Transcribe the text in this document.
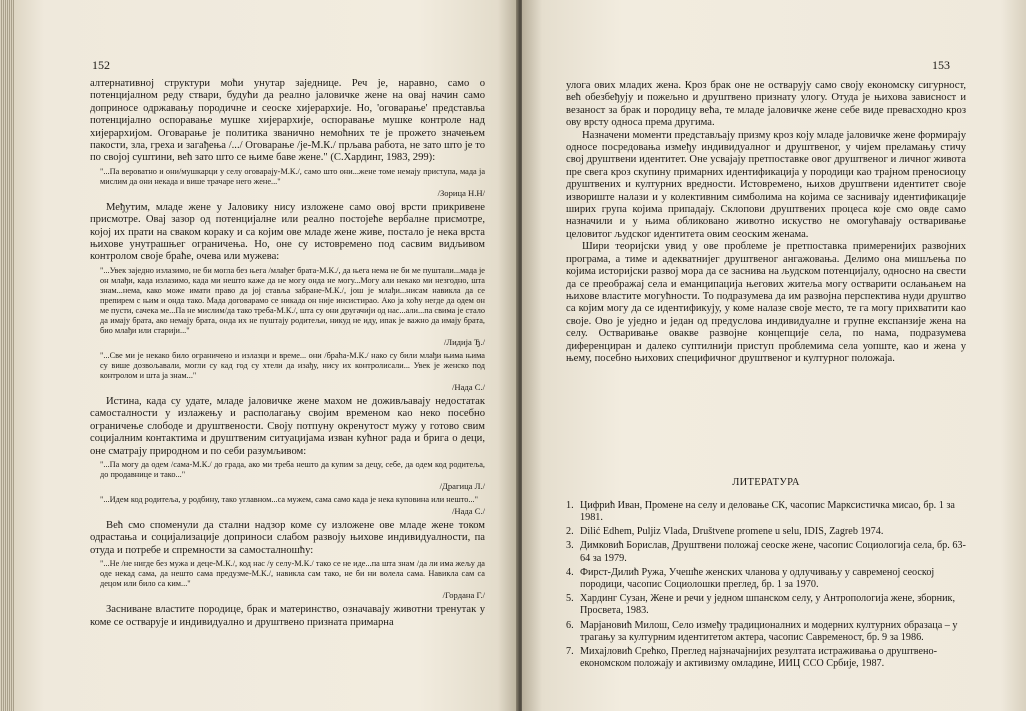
152

алтернативној структури моћи унутар заједнице. Реч је, наравно, само о потенцијалном реду ствари, будући да реално јаловичке жене на овај начин само доприносе одржавању породичне и сеоске хијерархије. Но, 'оговарање' представља потенцијално оспоравање мушке хијерархије, оспоравање мушке контроле над хијерархијом. Оговарање је политика званично немоћних те је прожето значењем пакости, зла, греха и загађења /.../ Оговарање /је-М.К./ прљава работа, не зато што је то по својој суштини, већ зато што се њиме баве жене." (С.Хардинг, 1983, 299):

"...Па вероватно и они/мушкарци у селу оговарају-М.К./, само што они...жене томе немају приступа, мада ја мислим да они некада и више трачаре него жене..."

/Зорица Н.Н/

Међутим, младе жене у Јаловику нису изложене само овој врсти прикривене присмотре. Овај зазор од потенцијалне или реално постојеће вербалне присмотре, којој их прати на сваком кораку и са којим ове младе жене живе, постало је нека врста њихове унутрашњег ограничења. Но, оне су истовремено под сасвим видљивом контролом своје браће, очева или мужева:

"...Увек заједно излазимо, не би могла без њега /млађег брата-М.К./, да њега нема не би ме пуштали...мада је он млађи, када излазимо, када ми нешто каже да не могу онда не могу...Могу али некако ми незгодно, шта знам...нема, како може имати право да јој ставља забране-М.К./, још је млађи...нисам навикла да се препирем с њим и онда тако. Мада договарамо се никада он није инсистирао. Ако ја хоћу негде да одем он ме пусти, сачека ме...Па не мислим/да тако треба-М.К./, шта су они другачији од нас...али...па свима је стало да имају брата, ако немају брата, онда их не пуштају родитељи, никуд не иду, ипак је важно да имају брата, био млађи или старији..."

/Лидија Ђ./

"...Све ми је некако било ограничено и излазци и време... они /браћа-М.К./ нако су били млађи њима њима су више дозвољавали, могли су кад год су хтели да изађу, нису их контролисали... Увек је женско под контролом и шта ја знам..."

/Нада С./

Истина, када су удате, младе јаловичке жене махом не доживљавају недостатак самосталности у излажењу и располагању својим временом као неко посебно ограничење слободе и друштвености. Своју потпуну окренутост мужу у готово свим социјалним контактима и друштвеним ситуацијама изван кућног рада и брига о деци, оне сматрају природном и по себи разумљивом:

"...Па могу да одем /сама-М.К./ до града, ако ми треба нешто да купим за децу, себе, да одем код родитеља, до продавнице и тако..."

/Драгица Л./

"...Идем код родитеља, у родбину, тако углавном...са мужем, сама само када је нека куповина или нешто..."

/Нада С./

Већ смо споменули да стални надзор коме су изложене ове младе жене током одрастања и социјализације доприноси слабом развоју њихове индивидуалности, па отуда и потребе и спремности за самосталношћу:

"...Не /не нигде без мужа и деце-М.К./, код нас /у селу-М.К./ тако се не иде...па шта знам /да ли има жељу да оде некад сама, да нешто сама предузме-М.К./, навикла сам тако, не би ни волела сама. Навикла сам са децом или било са ким..."

/Гордана Г./

Засниване властите породице, брак и материнство, означавају животни тренутак у коме се остварује и индивидуално и друштвено призната примарна

153

улога ових младих жена. Кроз брак оне не остварују само своју економску сигурност, већ обезбеђују и пожељно и друштвено признату улогу. Отуда је њихова зависност и везаност за брак и породицу већа, те младе јаловичке жене себе виде превасходно кроз ову врсту односа према другима.

Назначени моменти представљају призму кроз коју младе јаловичке жене формирају односе посредовања између индивидуалног и друштвеног, у чијем преламању стичу свој друштвени идентитет. Оне усвајају претпоставке овог друштвеног и личног живота пре свега кроз скупину примарних идентификација у породици као трајном преносиоцу друштвених и културних вредности. Истовремено, њихов друштвени идентитет своје извориште налази и у колективним симболима на којима се заснивају идентификације ширих група којима припадају. Склопови друштвених процеса које смо овде само назначили и у њима обликовано животно искуство не омогућавају остваривање целовитог људског идентитета овим сеоским женама.

Шири теоријски увид у ове проблеме је претпоставка примеренијих развојних програма, а тиме и адекватнијег друштвеног ангажовања. Делимо она мишљења по којима историјски развој мора да се заснива на људском потенцијалу, односно на свести да се преображај села и еманципација његових житеља могу остварити ослањањем на њихове властите могућности. То подразумева да им развојна перспектива нуди друштво са којим могу да се идентификују, у коме налазе своје место, те га могу прихватити као своје. Ово је уједно и један од предуслова индивидуалне и групне експанзије жена на селу. Остваривање овакве развојне концепције села, по нама, подразумева диференциран и далеко суптилнији приступ проблемима села уопште, као и жена у њему, посебно њихових специфичног друштвеног и културног положаја.

ЛИТЕРАТУРА

1. Цифрић Иван, Промене на селу и деловање СК, часопис Марксистичка мисао, бр. 1 за 1981.
2. Dilić Edhem, Puljiz Vlada, Društvene promene u selu, IDIS, Zagreb 1974.
3. Димковић Борислав, Друштвени положај сеоске жене, часопис Социологија села, бр. 63-64 за 1979.
4. Фирст-Дилић Ружа, Учешће женских чланова у одлучивању у савременој сеоској породици, часопис Социолошки преглед, бр. 1 за 1970.
5. Хардинг Сузан, Жене и речи у једном шпанском селу, у Антропологија жене, зборник, Просвета, 1983.
6. Марјановић Милош, Село између традиционалних и модерних културних образаца – у трагању за културним идентитетом актера, часопис Савременост, бр. 9 за 1986.
7. Михајловић Срећко, Преглед најзначајнијих резултата истраживања о друштвено-економском положају и активизму омладине, ИИЦ ССО Србије, 1987.
